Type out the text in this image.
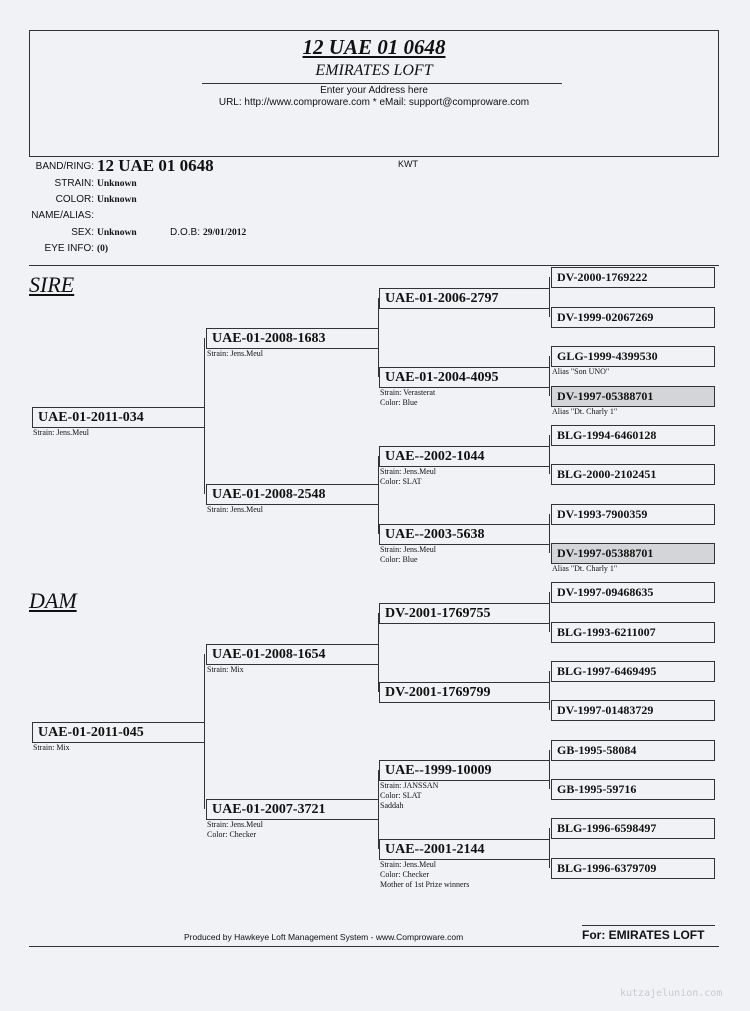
12 UAE 01 0648
EMIRATES LOFT
Enter your Address here
URL: http://www.comproware.com * eMail: support@comproware.com
BAND/RING: 12 UAE 01 0648	KWT
STRAIN: Unknown
COLOR: Unknown
NAME/ALIAS:
SEX: Unknown	D.O.B: 29/01/2012
EYE INFO: (0)
SIRE
DAM
UAE-01-2011-034
Strain: Jens.Meul
UAE-01-2008-1683
Strain: Jens.Meul
UAE-01-2008-2548
Strain: Jens.Meul
UAE-01-2006-2797
UAE-01-2004-4095
Strain: Verasterat
Color: Blue
UAE--2002-1044
Strain: Jens.Meul
Color: SLAT
UAE--2003-5638
Strain: Jens.Meul
Color: Blue
DV-2000-1769222
DV-1999-02067269
GLG-1999-4399530
Alias "Son UNO"
DV-1997-05388701
Alias "Dt. Charly 1"
BLG-1994-6460128
BLG-2000-2102451
DV-1993-7900359
DV-1997-05388701
Alias "Dt. Charly 1"
UAE-01-2011-045
Strain: Mix
UAE-01-2008-1654
Strain: Mix
UAE-01-2007-3721
Strain: Jens.Meul
Color: Checker
DV-2001-1769755
DV-2001-1769799
UAE--1999-10009
Strain: JANSSAN
Color: SLAT
Saddah
UAE--2001-2144
Strain: Jens.Meul
Color: Checker
Mother of 1st Prize winners
DV-1997-09468635
BLG-1993-6211007
BLG-1997-6469495
DV-1997-01483729
GB-1995-58084
GB-1995-59716
BLG-1996-6598497
BLG-1996-6379709
Produced by Hawkeye Loft Management System - www.Comproware.com	For: EMIRATES LOFT
kutzajelunion.com
